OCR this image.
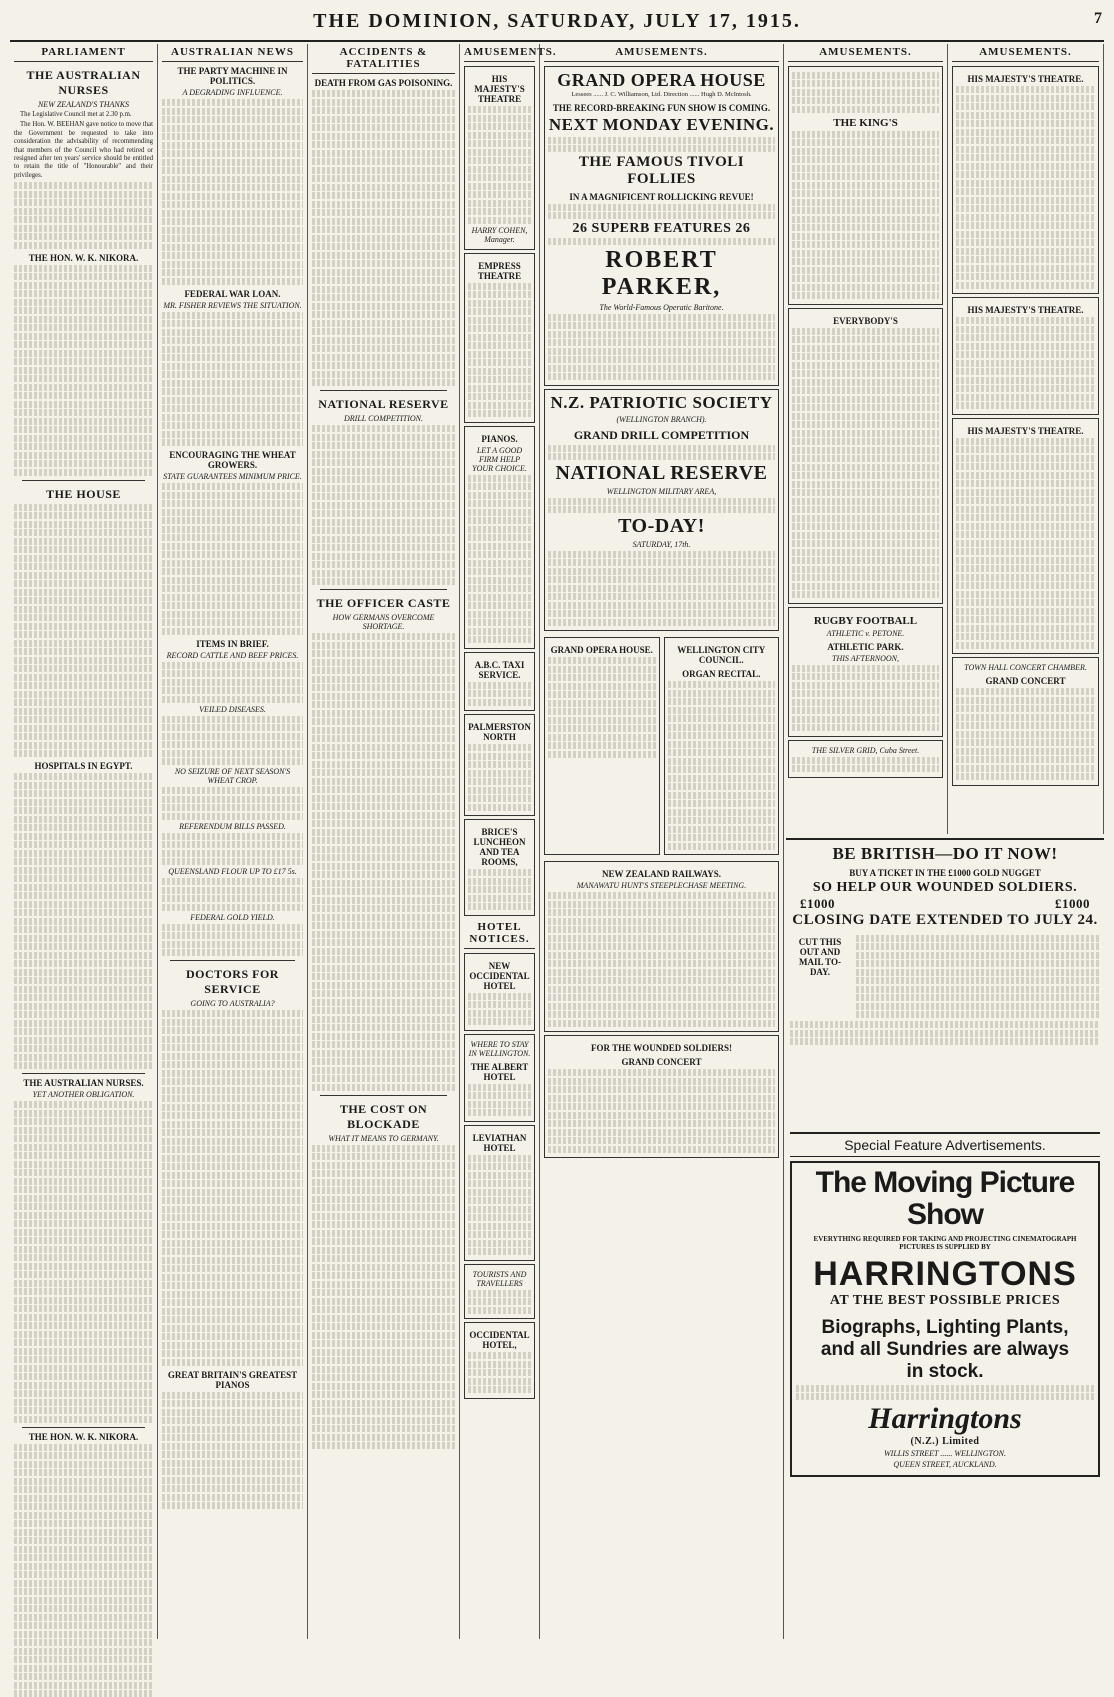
THE DOMINION, SATURDAY, JULY 17, 1915.	7
PARLIAMENT
THE AUSTRALIAN NURSES
NEW ZEALAND'S THANKS

The Legislative Council met at 2.30 p.m.

The Hon. W. BEEHAN gave notice to move that the Government be requested to take into consideration the advisability of recommending that members of the Council who had retired or resigned after ten years' service should be entitled to retain the title of "Honourable" and their privileges.

THE HON. W. K. NIKORA.
THE HOUSE
HOSPITALS IN EGYPT.
THE AUSTRALIAN NURSES.
YET ANOTHER OBLIGATION.
THE HON. W. K. NIKORA.
AUSTRALIAN NEWS
THE PARTY MACHINE IN POLITICS.
A DEGRADING INFLUENCE.
FEDERAL WAR LOAN.
MR. FISHER REVIEWS THE SITUATION.
ENCOURAGING THE WHEAT GROWERS.
STATE GUARANTEES MINIMUM PRICE.
ITEMS IN BRIEF.
RECORD CATTLE AND BEEF PRICES.
VEILED DISEASES.
NO SEIZURE OF NEXT SEASON'S WHEAT CROP.
REFERENDUM BILLS PASSED.
QUEENSLAND FLOUR UP TO £17 5s.
FEDERAL GOLD YIELD.
DOCTORS FOR SERVICE
GOING TO AUSTRALIA?
GREAT BRITAIN'S GREATEST PIANOS
ACCIDENTS & FATALITIES
DEATH FROM GAS POISONING.
NATIONAL RESERVE
DRILL COMPETITION.
THE OFFICER CASTE
HOW GERMANS OVERCOME SHORTAGE.
THE COST ON BLOCKADE
WHAT IT MEANS TO GERMANY.
AMUSEMENTS.
HIS MAJESTY'S THEATRE
HARRY COHEN, Manager.
EMPRESS THEATRE
PIANOS.
LET A GOOD FIRM HELP YOUR CHOICE.
A.B.C. TAXI SERVICE.
PALMERSTON NORTH
BRICE'S LUNCHEON AND TEA ROOMS,
HOTEL NOTICES.
NEW OCCIDENTAL HOTEL
WHERE TO STAY IN WELLINGTON.
THE ALBERT HOTEL
LEVIATHAN HOTEL
TOURISTS AND TRAVELLERS
OCCIDENTAL HOTEL,
AMUSEMENTS.
GRAND OPERA HOUSE
Lessees ...... J. C. Williamson, Ltd. Direction ...... Hugh D. McIntosh.
THE RECORD-BREAKING FUN SHOW IS COMING.
NEXT MONDAY EVENING.
THE FAMOUS TIVOLI FOLLIES
IN A MAGNIFICENT ROLLICKING REVUE!
26 SUPERB FEATURES 26
ROBERT PARKER,
The World-Famous Operatic Baritone.
N.Z. PATRIOTIC SOCIETY
(WELLINGTON BRANCH).
GRAND DRILL COMPETITION
NATIONAL RESERVE
WELLINGTON MILITARY AREA,
TO-DAY!
SATURDAY, 17th.
GRAND OPERA HOUSE.	WELLINGTON CITY COUNCIL.
ORGAN RECITAL.
NEW ZEALAND RAILWAYS.
MANAWATU HUNT'S STEEPLECHASE MEETING.
FOR THE WOUNDED SOLDIERS!
GRAND CONCERT
AMUSEMENTS.
THE KING'S
EVERYBODY'S
RUGBY FOOTBALL
ATHLETIC v. PETONE.
ATHLETIC PARK.
THIS AFTERNOON,
THE SILVER GRID, Cuba Street.
AMUSEMENTS.
HIS MAJESTY'S THEATRE.
HIS MAJESTY'S THEATRE.
HIS MAJESTY'S THEATRE.
TOWN HALL CONCERT CHAMBER.
GRAND CONCERT
BE BRITISH—DO IT NOW!
BUY A TICKET IN THE £1000 GOLD NUGGET
SO HELP OUR WOUNDED SOLDIERS.
£1000	£1000
CLOSING DATE EXTENDED TO JULY 24.
CUT THIS OUT AND MAIL TO-DAY.
Special Feature Advertisements.
The Moving Picture Show
EVERYTHING REQUIRED FOR TAKING AND PROJECTING CINEMATOGRAPH PICTURES IS SUPPLIED BY
HARRINGTONS
AT THE BEST POSSIBLE PRICES
Biographs, Lighting Plants,
and all Sundries are always
in stock.
Harringtons
(N.Z.) Limited
WILLIS STREET ...... WELLINGTON.
QUEEN STREET, AUCKLAND.
